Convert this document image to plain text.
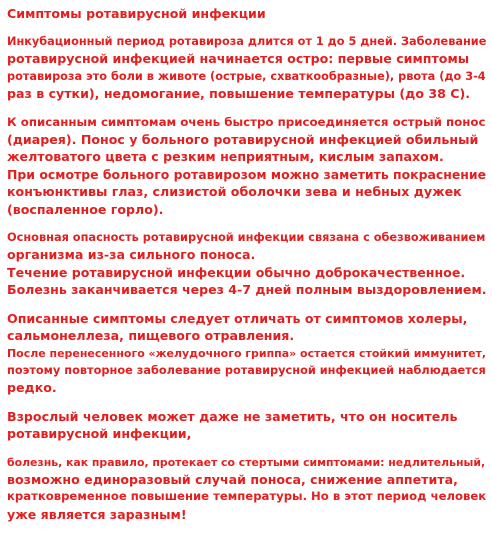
Симптомы ротавирусной инфекции
Инкубационный период ротавироза длится от 1 до 5 дней. Заболевание
ротавирусной инфекцией начинается остро: первые симптомы
ротавироза это боли в животе (острые, схваткообразные), рвота (до 3-4
раз в сутки), недомогание, повышение температуры (до 38 С).
К описанным симптомам очень быстро присоединяется острый понос
(диарея). Понос у больного ротавирусной инфекцией обильный
желтоватого цвета с резким неприятным, кислым запахом.
При осмотре больного ротавирозом можно заметить покраснение
конъюнктивы глаз, слизистой оболочки зева и небных дужек
(воспаленное горло).
Основная опасность ротавирусной инфекции связана с обезвоживанием
организма из-за сильного поноса.
Течение ротавирусной инфекции обычно доброкачественное.
Болезнь заканчивается через 4-7 дней полным выздоровлением.
Описанные симптомы следует отличать от симптомов холеры,
сальмонеллеза, пищевого отравления.
После перенесенного «желудочного гриппа» остается стойкий иммунитет,
поэтому повторное заболевание ротавирусной инфекцией наблюдается
редко.
Взрослый человек может даже не заметить, что он носитель
ротавирусной инфекции,
болезнь, как правило, протекает со стертыми симптомами: недлительный,
возможно единоразовый случай поноса, снижение аппетита,
кратковременное повышение температуры. Но в этот период человек
уже является заразным!
